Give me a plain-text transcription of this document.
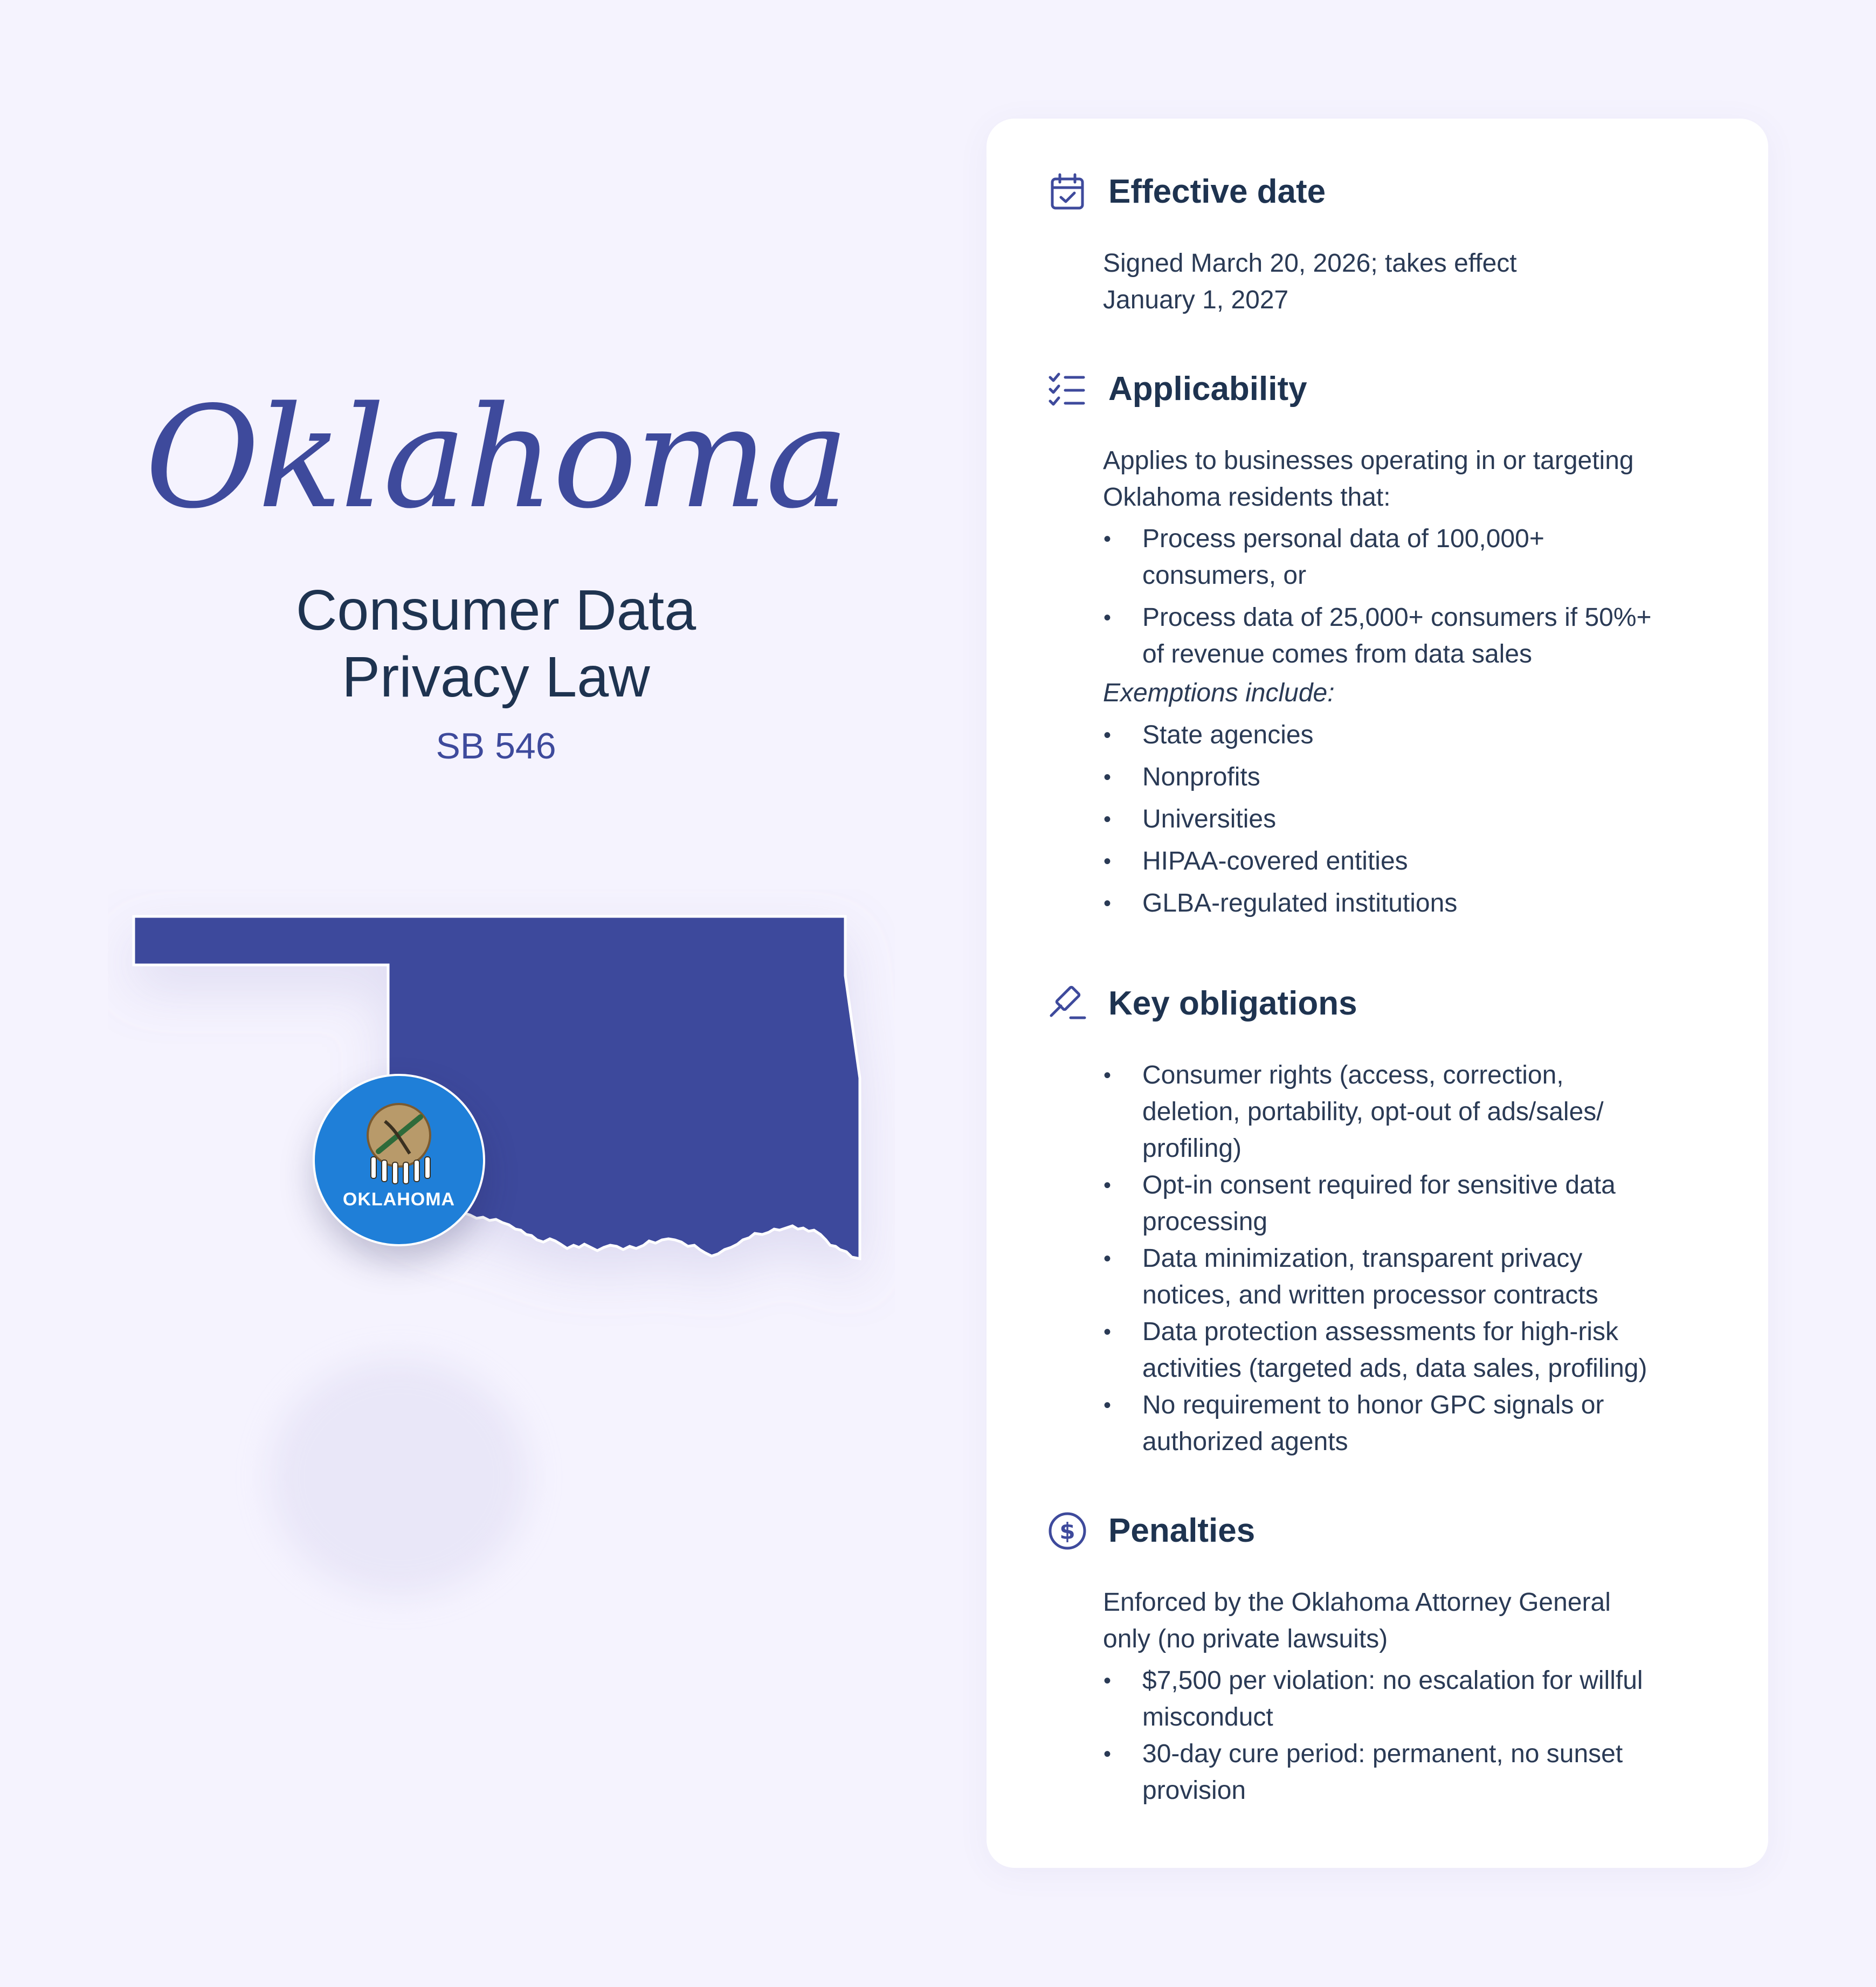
Oklahoma
Consumer Data
Privacy Law
SB 546
OKLAHOMA
Effective date
Signed March 20, 2026; takes effect
January 1, 2027
Applicability
Applies to businesses operating in or targeting
Oklahoma residents that:
•	Process personal data of 100,000+
consumers, or
•	Process data of 25,000+ consumers if 50%+
of revenue comes from data sales
Exemptions include:
•	State agencies
•	Nonprofits
•	Universities
•	HIPAA-covered entities
•	GLBA-regulated institutions
Key obligations
•	Consumer rights (access, correction,
deletion, portability, opt-out of ads/sales/
profiling)
•	Opt-in consent required for sensitive data
processing
•	Data minimization, transparent privacy
notices, and written processor contracts
•	Data protection assessments for high-risk
activities (targeted ads, data sales, profiling)
•	No requirement to honor GPC signals or
authorized agents
$ Penalties
Enforced by the Oklahoma Attorney General
only (no private lawsuits)
•	$7,500 per violation: no escalation for willful
misconduct
•	30-day cure period: permanent, no sunset
provision
